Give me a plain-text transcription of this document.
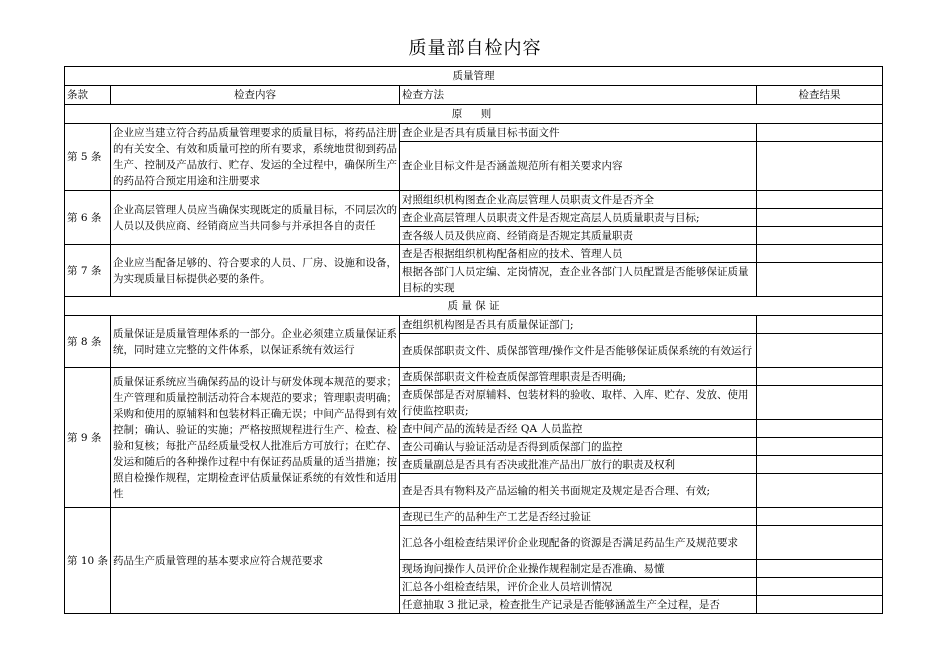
质量部自检内容
质量管理			
条款	检查内容	检查方法	检查结果
原　则			
第 5 条	企业应当建立符合药品质量管理要求的质量目标，将药品注册的有关安全、有效和质量可控的所有要求，系统地贯彻到药品生产、控制及产品放行、贮存、发运的全过程中，确保所生产的药品符合预定用途和注册要求	查企业是否具有质量目标书面文件	
		查企业目标文件是否涵盖规范所有相关要求内容	
第 6 条	企业高层管理人员应当确保实现既定的质量目标，不同层次的人员以及供应商、经销商应当共同参与并承担各自的责任	对照组织机构图查企业高层管理人员职责文件是否齐全	
		查企业高层管理人员职责文件是否规定高层人员质量职责与目标;	
		查各级人员及供应商、经销商是否规定其质量职责	
第 7 条	企业应当配备足够的、符合要求的人员、厂房、设施和设备，为实现质量目标提供必要的条件。	查是否根据组织机构配备相应的技术、管理人员	
		根据各部门人员定编、定岗情况，查企业各部门人员配置是否能够保证质量目标的实现	
质 量 保 证			
第 8 条	质量保证是质量管理体系的一部分。企业必须建立质量保证系统，同时建立完整的文件体系，以保证系统有效运行	查组织机构图是否具有质量保证部门;	
		查质保部职责文件、质保部管理/操作文件是否能够保证质保系统的有效运行	
第 9 条	质量保证系统应当确保药品的设计与研发体现本规范的要求；生产管理和质量控制活动符合本规范的要求；管理职责明确；采购和使用的原辅料和包装材料正确无误；中间产品得到有效控制；确认、验证的实施；严格按照规程进行生产、检查、检验和复核；每批产品经质量受权人批准后方可放行；在贮存、发运和随后的各种操作过程中有保证药品质量的适当措施；按照自检操作规程，定期检查评估质量保证系统的有效性和适用性	查质保部职责文件检查质保部管理职责是否明确;	
		查质保部是否对原辅料、包装材料的验收、取样、入库、贮存、发放、使用行使监控职责;	
		查中间产品的流转是否经 QA 人员监控	
		查公司确认与验证活动是否得到质保部门的监控	
		查质量副总是否具有否决或批准产品出厂放行的职责及权利	
		查是否具有物料及产品运输的相关书面规定及规定是否合理、有效;	
第 10 条	药品生产质量管理的基本要求应符合规范要求	查现已生产的品种生产工艺是否经过验证	
		汇总各小组检查结果评价企业现配备的资源是否满足药品生产及规范要求	
		现场询问操作人员评价企业操作规程制定是否准确、易懂	
		汇总各小组检查结果，评价企业人员培训情况	
		任意抽取 3 批记录，检查批生产记录是否能够涵盖生产全过程，是否	
